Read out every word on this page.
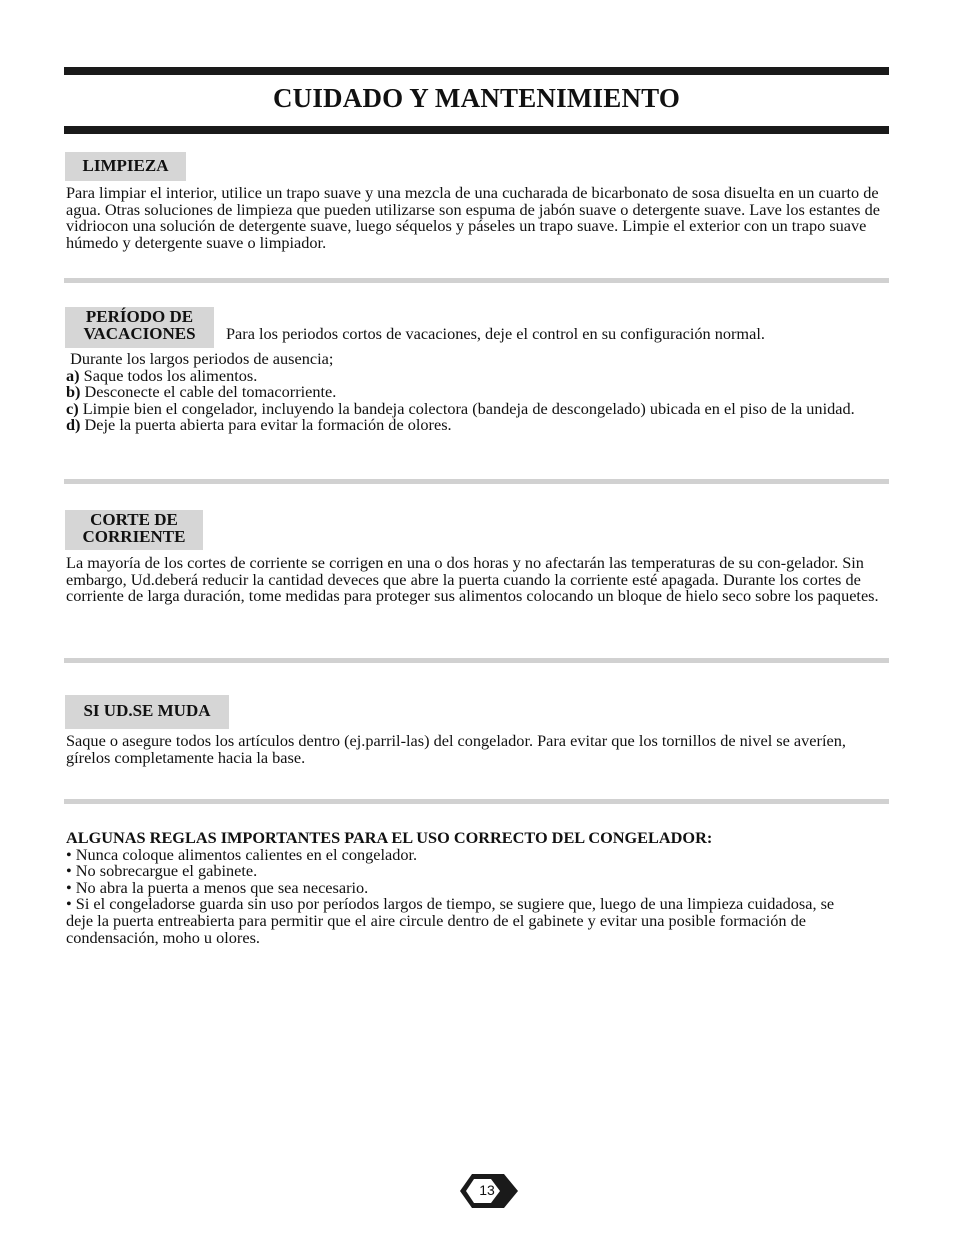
CUIDADO Y MANTENIMIENTO
LIMPIEZA

Para limpiar el interior, utilice un trapo suave y una mezcla de una cucharada de bicarbonato de sosa disuelta en un cuarto de agua. Otras soluciones de limpieza que pueden utilizarse son espuma de jabón suave o detergente suave. Lave los estantes de vidriocon una solución de detergente suave, luego séquelos y páseles un trapo suave. Limpie el exterior con un trapo suave húmedo y detergente suave o limpiador.

PERÍODO DE
VACACIONES	Para los periodos cortos de vacaciones, deje el control en su configuración normal.

Durante los largos periodos de ausencia;

a) Saque todos los alimentos.

b) Desconecte el cable del tomacorriente.

c) Limpie bien el congelador, incluyendo la bandeja colectora (bandeja de descongelado) ubicada en el piso de la unidad.

d) Deje la puerta abierta para evitar la formación de olores.

CORTE DE
CORRIENTE

La mayoría de los cortes de corriente se corrigen en una o dos horas y no afectarán las temperaturas de su con-gelador. Sin embargo, Ud.deberá reducir la cantidad deveces que abre la puerta cuando la corriente esté apagada. Durante los cortes de corriente de larga duración, tome medidas para proteger sus alimentos colocando un bloque de hielo seco sobre los paquetes.

SI UD.SE MUDA

Saque o asegure todos los artículos dentro (ej.parril-las) del congelador. Para evitar que los tornillos de nivel se averíen, gírelos completamente hacia la base.

ALGUNAS REGLAS IMPORTANTES PARA EL USO CORRECTO DEL CONGELADOR:

• Nunca coloque alimentos calientes en el congelador.

• No sobrecargue el gabinete.

• No abra la puerta a menos que sea necesario.

• Si el congeladorse guarda sin uso por períodos largos de tiempo, se sugiere que, luego de una limpieza cuidadosa, se deje la puerta entreabierta para permitir que el aire circule dentro de el gabinete y evitar una posible formación de condensación, moho u olores.

13
